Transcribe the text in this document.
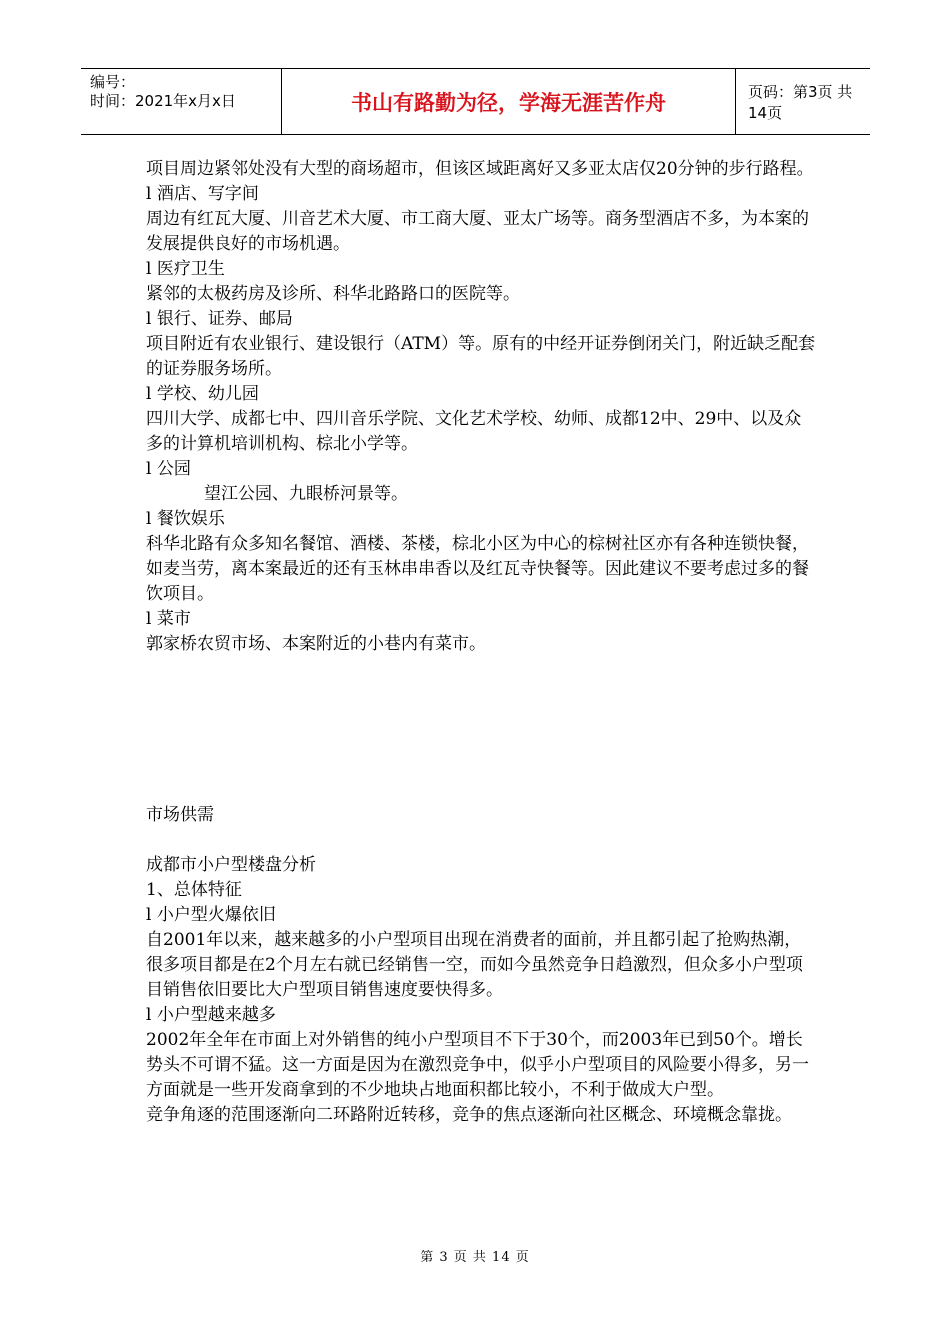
编号：
时间：2021年x月x日	书山有路勤为径，学海无涯苦作舟	页码：第3页 共14页

项目周边紧邻处没有大型的商场超市，但该区域距离好又多亚太店仅20分钟的步行路程。

l 酒店、写字间

周边有红瓦大厦、川音艺术大厦、市工商大厦、亚太广场等。商务型酒店不多，为本案的发展提供良好的市场机遇。

l 医疗卫生

紧邻的太极药房及诊所、科华北路路口的医院等。

l 银行、证券、邮局

项目附近有农业银行、建设银行（ATM）等。原有的中经开证券倒闭关门，附近缺乏配套的证券服务场所。

l 学校、幼儿园

四川大学、成都七中、四川音乐学院、文化艺术学校、幼师、成都12中、29中、以及众多的计算机培训机构、棕北小学等。

l 公园

望江公园、九眼桥河景等。

l 餐饮娱乐

科华北路有众多知名餐馆、酒楼、茶楼，棕北小区为中心的棕树社区亦有各种连锁快餐，如麦当劳，离本案最近的还有玉林串串香以及红瓦寺快餐等。因此建议不要考虑过多的餐饮项目。

l 菜市

郭家桥农贸市场、本案附近的小巷内有菜市。

市场供需

成都市小户型楼盘分析

1、总体特征

l 小户型火爆依旧

自2001年以来，越来越多的小户型项目出现在消费者的面前，并且都引起了抢购热潮，很多项目都是在2个月左右就已经销售一空，而如今虽然竞争日趋激烈，但众多小户型项目销售依旧要比大户型项目销售速度要快得多。

l 小户型越来越多

2002年全年在市面上对外销售的纯小户型项目不下于30个，而2003年已到50个。增长势头不可谓不猛。这一方面是因为在激烈竞争中，似乎小户型项目的风险要小得多，另一方面就是一些开发商拿到的不少地块占地面积都比较小，不利于做成大户型。

竞争角逐的范围逐渐向二环路附近转移，竞争的焦点逐渐向社区概念、环境概念靠拢。

第 3 页 共 14 页
